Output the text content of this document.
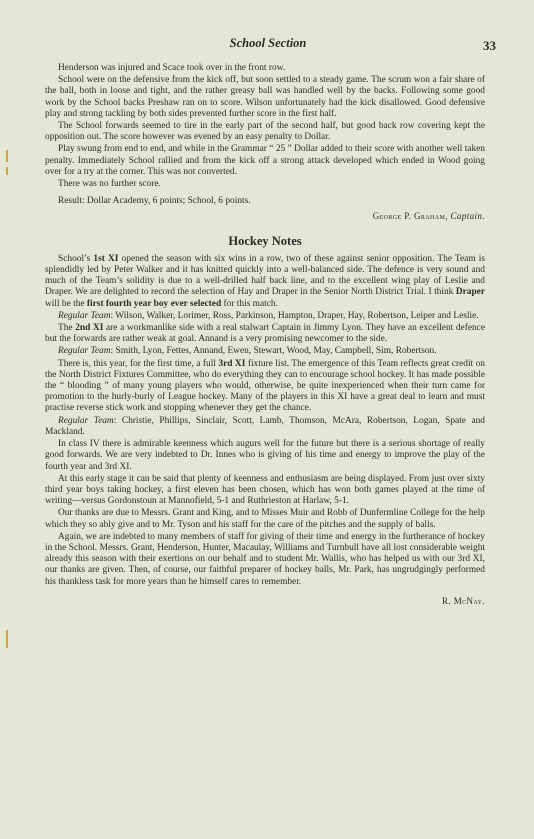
School Section	33

Henderson was injured and Scace took over in the front row.

School were on the defensive from the kick off, but soon settled to a steady game. The scrum won a fair share of the ball, both in loose and tight, and the rather greasy ball was handled well by the backs. Following some good work by the School backs Preshaw ran on to score. Wilson unfortunately had the kick disallowed. Good defensive play and strong tackling by both sides prevented further score in the first half.

The School forwards seemed to tire in the early part of the second half, but good back row covering kept the opposition out. The score however was evened by an easy penalty to Dollar.

Play swung from end to end, and while in the Grammar “ 25 ” Dollar added to their score with another well taken penalty. Immediately School rallied and from the kick off a strong attack developed which ended in Wood going over for a try at the corner. This was not converted.

There was no further score.

Result: Dollar Academy, 6 points; School, 6 points.

George P. Graham, Captain.

Hockey Notes

School’s 1st XI opened the season with six wins in a row, two of these against senior opposition. The Team is splendidly led by Peter Walker and it has knitted quickly into a well-balanced side. The defence is very sound and much of the Team’s solidity is due to a well-drilled half back line, and to the excellent wing play of Leslie and Draper. We are delighted to record the selection of Hay and Draper in the Senior North District Trial. I think Draper will be the first fourth year boy ever selected for this match.

Regular Team: Wilson, Walker, Lorimer, Ross, Parkinson, Hampton, Draper, Hay, Robertson, Leiper and Leslie.

The 2nd XI are a workmanlike side with a real stalwart Captain in Jimmy Lyon. They have an excellent defence but the forwards are rather weak at goal. Annand is a very promising newcomer to the side.

Regular Team: Smith, Lyon, Fettes, Annand, Ewen, Stewart, Wood, May, Campbell, Sim, Robertson.

There is, this year, for the first time, a full 3rd XI fixture list. The emergence of this Team reflects great credit on the North District Fixtures Committee, who do everything they can to encourage school hockey. It has made possible the “ blooding ” of many young players who would, otherwise, be quite inexperienced when their turn came for promotion to the hurly-burly of League hockey. Many of the players in this XI have a great deal to learn and must practise reverse stick work and stopping whenever they get the chance.

Regular Team: Christie, Phillips, Sinclair, Scott, Lamb, Thomson, McAra, Robertson, Logan, Spate and Mackland.

In class IV there is admirable keenness which augurs well for the future but there is a serious shortage of really good forwards. We are very indebted to Dr. Innes who is giving of his time and energy to improve the play of the fourth year and 3rd XI.

At this early stage it can be said that plenty of keenness and enthusiasm are being displayed. From just over sixty third year boys taking hockey, a first eleven has been chosen, which has won both games played at the time of writing—versus Gordonstoun at Mannofield, 5-1 and Ruthrieston at Harlaw, 5-1.

Our thanks are due to Messrs. Grant and King, and to Misses Muir and Robb of Dunfermline College for the help which they so ably give and to Mr. Tyson and his staff for the care of the pitches and the supply of balls.

Again, we are indebted to many members of staff for giving of their time and energy in the furtherance of hockey in the School. Messrs. Grant, Henderson, Hunter, Macaulay, Williams and Turnbull have all lost considerable weight already this season with their exertions on our behalf and to student Mr. Wallis, who has helped us with our 3rd XI, our thanks are given. Then, of course, our faithful preparer of hockey balls, Mr. Park, has ungrudgingly performed his thankless task for more years than he himself cares to remember.

R. McNay.
